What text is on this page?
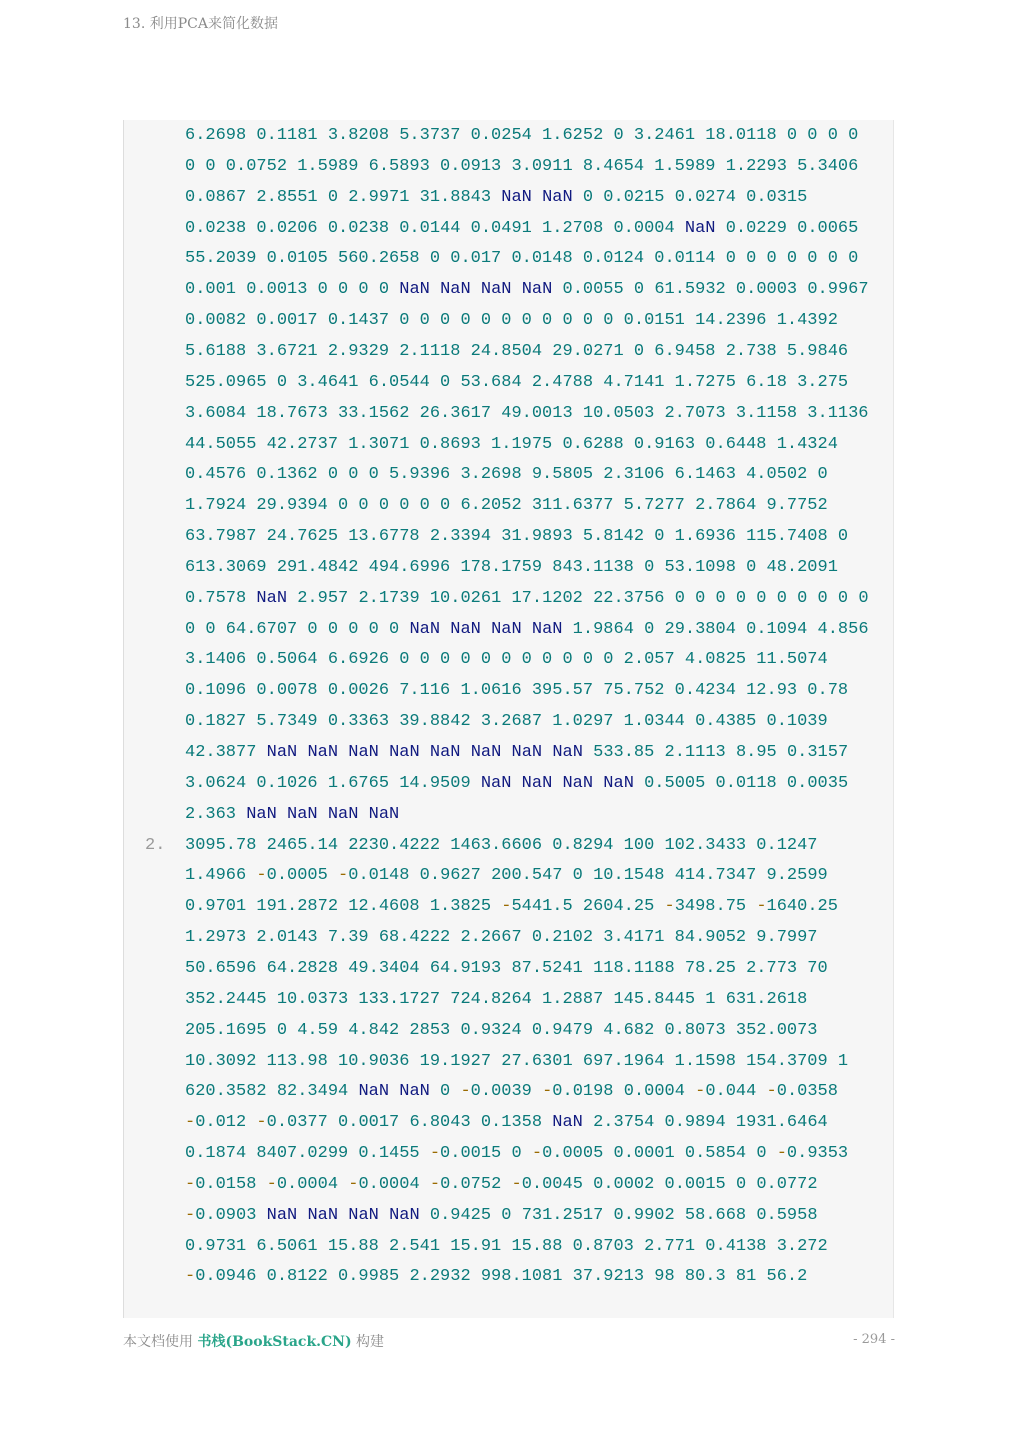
13. 利用PCA来简化数据
6.2698 0.1181 3.8208 5.3737 0.0254 1.6252 0 3.2461 18.0118 0 0 0 0
0 0 0.0752 1.5989 6.5893 0.0913 3.0911 8.4654 1.5989 1.2293 5.3406
0.0867 2.8551 0 2.9971 31.8843 NaN NaN 0 0.0215 0.0274 0.0315
0.0238 0.0206 0.0238 0.0144 0.0491 1.2708 0.0004 NaN 0.0229 0.0065
55.2039 0.0105 560.2658 0 0.017 0.0148 0.0124 0.0114 0 0 0 0 0 0 0
0.001 0.0013 0 0 0 0 NaN NaN NaN NaN 0.0055 0 61.5932 0.0003 0.9967
0.0082 0.0017 0.1437 0 0 0 0 0 0 0 0 0 0 0 0.0151 14.2396 1.4392
5.6188 3.6721 2.9329 2.1118 24.8504 29.0271 0 6.9458 2.738 5.9846
525.0965 0 3.4641 6.0544 0 53.684 2.4788 4.7141 1.7275 6.18 3.275
3.6084 18.7673 33.1562 26.3617 49.0013 10.0503 2.7073 3.1158 3.1136
44.5055 42.2737 1.3071 0.8693 1.1975 0.6288 0.9163 0.6448 1.4324
0.4576 0.1362 0 0 0 5.9396 3.2698 9.5805 2.3106 6.1463 4.0502 0
1.7924 29.9394 0 0 0 0 0 0 6.2052 311.6377 5.7277 2.7864 9.7752
63.7987 24.7625 13.6778 2.3394 31.9893 5.8142 0 1.6936 115.7408 0
613.3069 291.4842 494.6996 178.1759 843.1138 0 53.1098 0 48.2091
0.7578 NaN 2.957 2.1739 10.0261 17.1202 22.3756 0 0 0 0 0 0 0 0 0 0
0 0 64.6707 0 0 0 0 0 NaN NaN NaN NaN 1.9864 0 29.3804 0.1094 4.856
3.1406 0.5064 6.6926 0 0 0 0 0 0 0 0 0 0 0 2.057 4.0825 11.5074
0.1096 0.0078 0.0026 7.116 1.0616 395.57 75.752 0.4234 12.93 0.78
0.1827 5.7349 0.3363 39.8842 3.2687 1.0297 1.0344 0.4385 0.1039
42.3877 NaN NaN NaN NaN NaN NaN NaN NaN 533.85 2.1113 8.95 0.3157
3.0624 0.1026 1.6765 14.9509 NaN NaN NaN NaN 0.5005 0.0118 0.0035
2.363 NaN NaN NaN NaN
2. 3095.78 2465.14 2230.4222 1463.6606 0.8294 100 102.3433 0.1247
1.4966 -0.0005 -0.0148 0.9627 200.547 0 10.1548 414.7347 9.2599
0.9701 191.2872 12.4608 1.3825 -5441.5 2604.25 -3498.75 -1640.25
1.2973 2.0143 7.39 68.4222 2.2667 0.2102 3.4171 84.9052 9.7997
50.6596 64.2828 49.3404 64.9193 87.5241 118.1188 78.25 2.773 70
352.2445 10.0373 133.1727 724.8264 1.2887 145.8445 1 631.2618
205.1695 0 4.59 4.842 2853 0.9324 0.9479 4.682 0.8073 352.0073
10.3092 113.98 10.9036 19.1927 27.6301 697.1964 1.1598 154.3709 1
620.3582 82.3494 NaN NaN 0 -0.0039 -0.0198 0.0004 -0.044 -0.0358
-0.012 -0.0377 0.0017 6.8043 0.1358 NaN 2.3754 0.9894 1931.6464
0.1874 8407.0299 0.1455 -0.0015 0 -0.0005 0.0001 0.5854 0 -0.9353
-0.0158 -0.0004 -0.0004 -0.0752 -0.0045 0.0002 0.0015 0 0.0772
-0.0903 NaN NaN NaN NaN 0.9425 0 731.2517 0.9902 58.668 0.5958
0.9731 6.5061 15.88 2.541 15.91 15.88 0.8703 2.771 0.4138 3.272
-0.0946 0.8122 0.9985 2.2932 998.1081 37.9213 98 80.3 81 56.2
本文档使用 书栈(BookStack.CN) 构建	- 294 -
